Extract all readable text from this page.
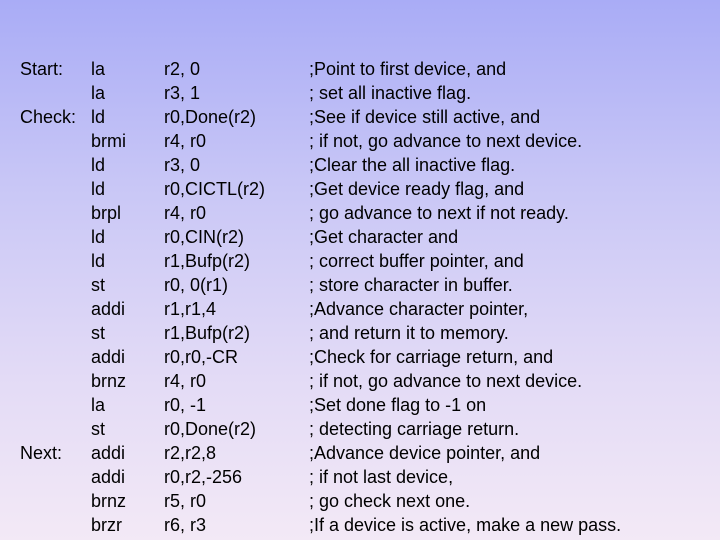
Start: la	r2, 0	;Point to first device, and
la	r3, 1	; set all inactive flag.
Check: ld	r0,Done(r2)	;See if device still active, and
brmi r4, r0	; if not, go advance to next device.
ld	r3, 0	;Clear the all inactive flag.
ld	r0,CICTL(r2) ;Get device ready flag, and
brpl r4, r0	; go advance to next if not ready.
ld	r0,CIN(r2)	;Get character and
ld	r1,Bufp(r2)	; correct buffer pointer, and
st	r0, 0(r1)	; store character in buffer.
addi r1,r1,4	;Advance character pointer,
st	r1,Bufp(r2)	; and return it to memory.
addi r0,r0,-CR	;Check for carriage return, and
brnz r4, r0	; if not, go advance to next device.
la	r0, -1	;Set done flag to -1 on
st	r0,Done(r2)	; detecting carriage return.
Next: addi r2,r2,8	;Advance device pointer, and
addi r0,r2,-256	; if not last device,
brnz r5, r0	; go check next one.
brzr r6, r3	;If a device is active, make a new pass.
